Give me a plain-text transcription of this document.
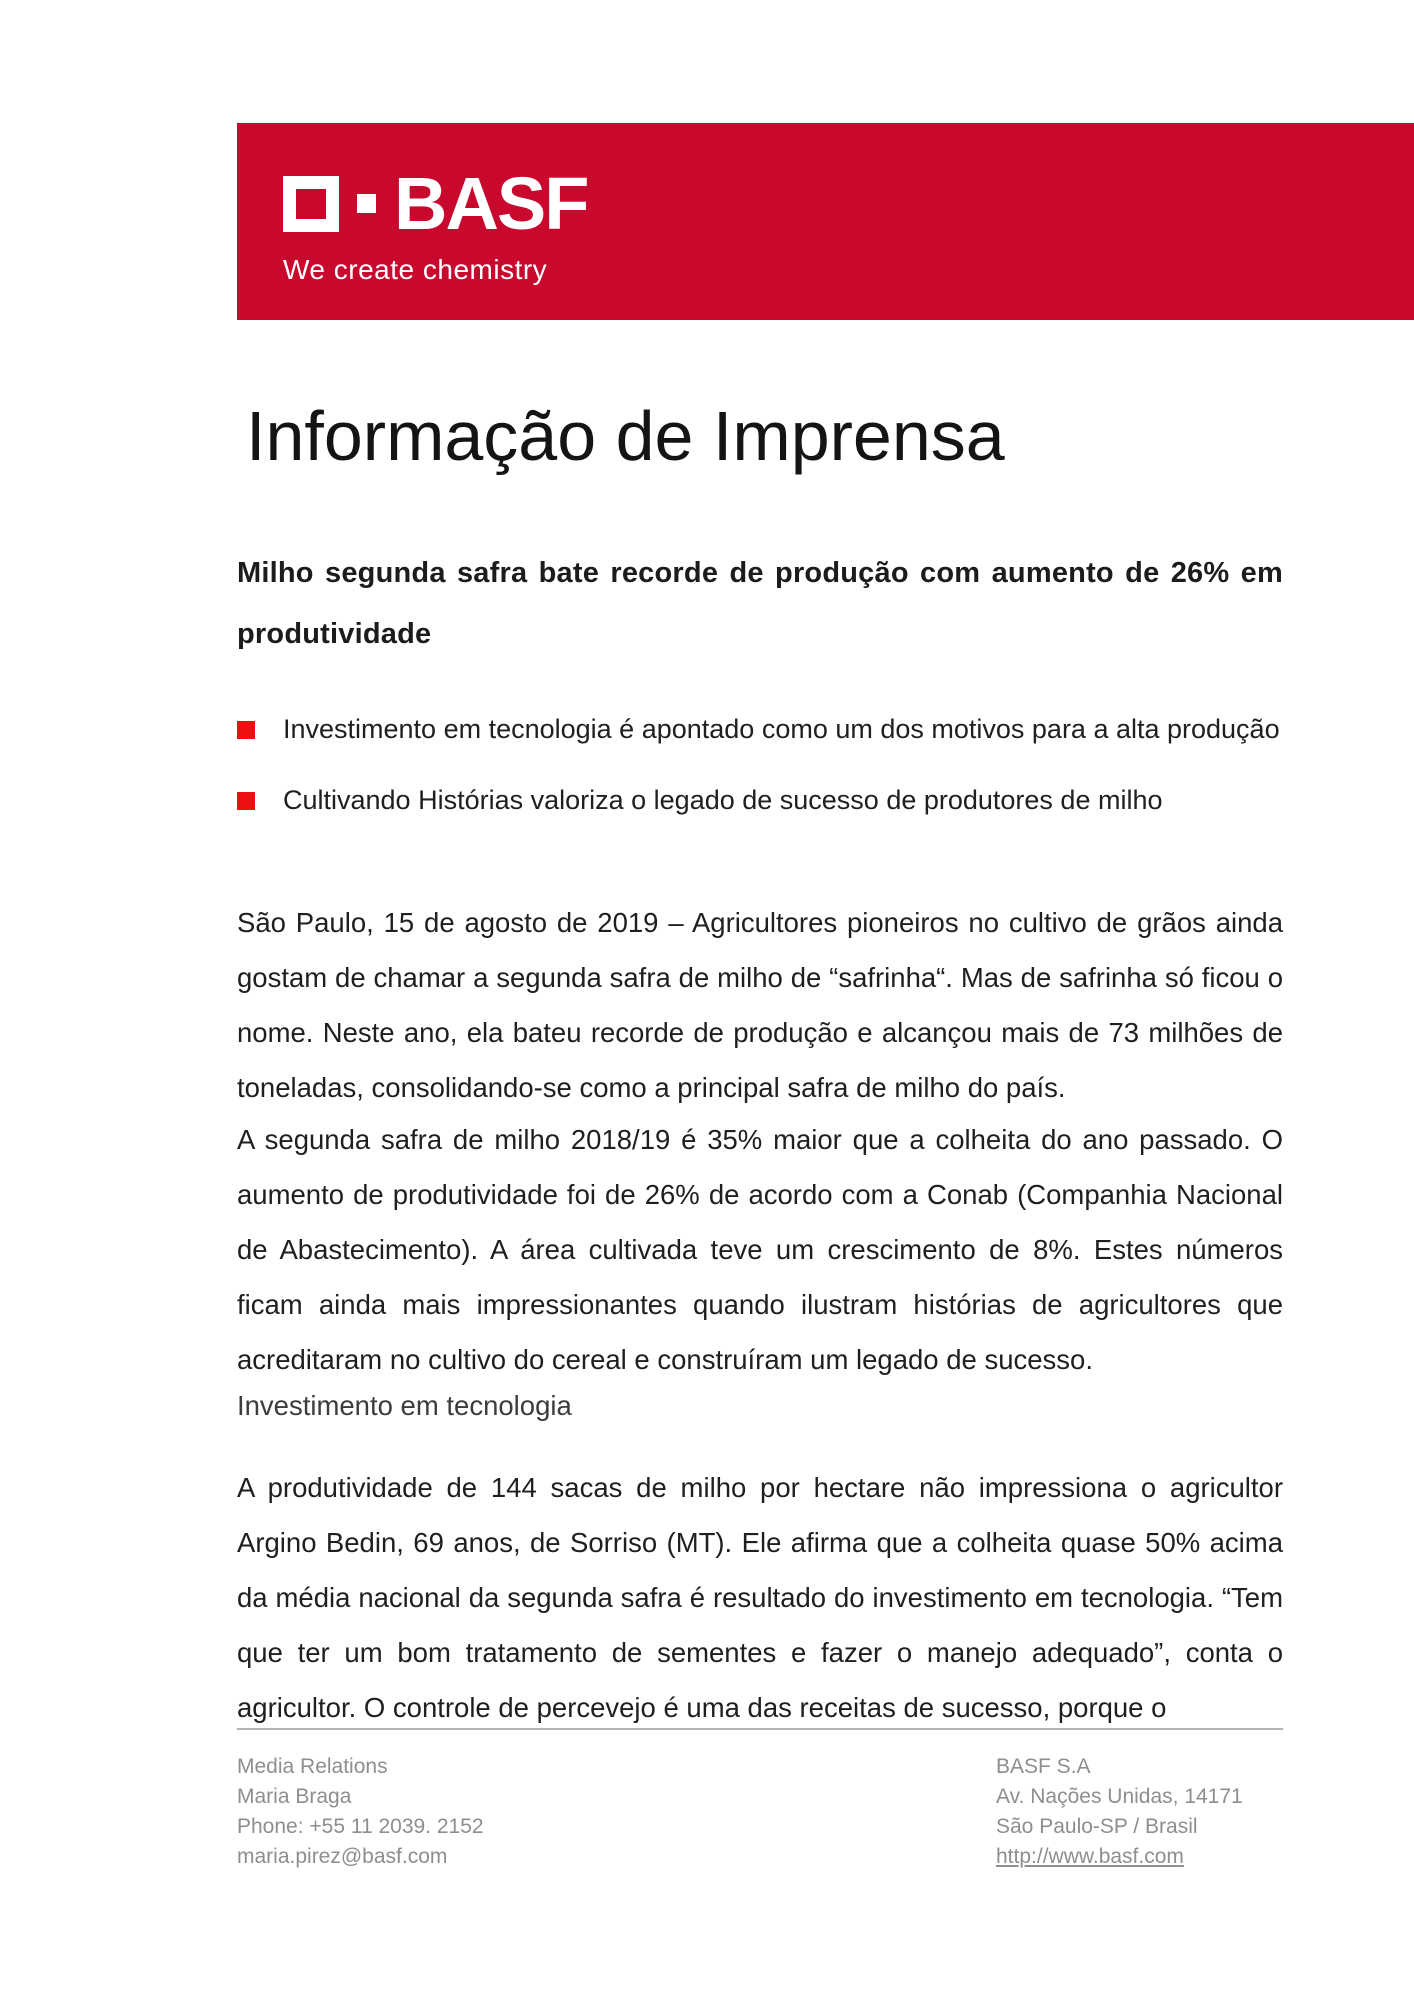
BASF
We create chemistry
Informação de Imprensa
Milho segunda safra bate recorde de produção com aumento de 26% em produtividade
Investimento em tecnologia é apontado como um dos motivos para a alta produção
Cultivando Histórias valoriza o legado de sucesso de produtores de milho

São Paulo, 15 de agosto de 2019 – Agricultores pioneiros no cultivo de grãos ainda gostam de chamar a segunda safra de milho de “safrinha“. Mas de safrinha só ficou o nome. Neste ano, ela bateu recorde de produção e alcançou mais de 73 milhões de toneladas, consolidando-se como a principal safra de milho do país.

A segunda safra de milho 2018/19 é 35% maior que a colheita do ano passado. O aumento de produtividade foi de 26% de acordo com a Conab (Companhia Nacional de Abastecimento). A área cultivada teve um crescimento de 8%. Estes números ficam ainda mais impressionantes quando ilustram histórias de agricultores que acreditaram no cultivo do cereal e construíram um legado de sucesso.

Investimento em tecnologia

A produtividade de 144 sacas de milho por hectare não impressiona o agricultor Argino Bedin, 69 anos, de Sorriso (MT). Ele afirma que a colheita quase 50% acima da média nacional da segunda safra é resultado do investimento em tecnologia. “Tem que ter um bom tratamento de sementes e fazer o manejo adequado”, conta o agricultor. O controle de percevejo é uma das receitas de sucesso, porque o

Media Relations
Maria Braga
Phone: +55 11 2039. 2152
maria.pirez@basf.com
BASF S.A
Av. Nações Unidas, 14171
São Paulo-SP / Brasil
http://www.basf.com
